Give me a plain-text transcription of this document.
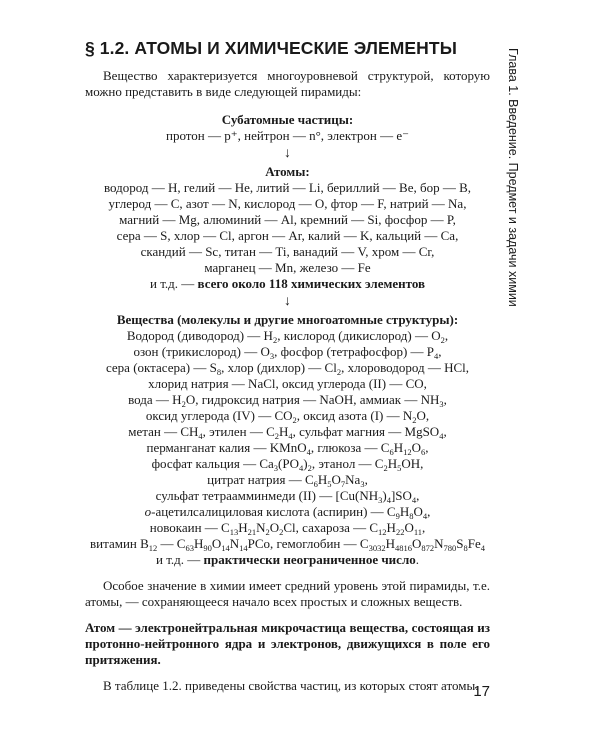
§ 1.2. АТОМЫ И ХИМИЧЕСКИЕ ЭЛЕМЕНТЫ	Глава 1. Введение. Предмет и задачи химии

Вещество характеризуется многоуровневой структурой, которую можно представить в виде следующей пирамиды:

Субатомные частицы:
протон — p⁺, нейтрон — n°, электрон — e⁻
↓
Атомы:
водород — H, гелий — He, литий — Li, бериллий — Be, бор — B,
углерод — C, азот — N, кислород — O, фтор — F, натрий — Na,
магний — Mg, алюминий — Al, кремний — Si, фосфор — P,
сера — S, хлор — Cl, аргон — Ar, калий — K, кальций — Ca,
скандий — Sc, титан — Ti, ванадий — V, хром — Cr,
марганец — Mn, железо — Fe
и т.д. — всего около 118 химических элементов
↓
Вещества (молекулы и другие многоатомные структуры):
Водород (диводород) — $H_2$, кислород (дикислород) — $O_2$,
озон (трикислород) — $O_3$, фосфор (тетрафосфор) — $P_4$,
сера (октасера) — $S_8$, хлор (дихлор) — $Cl_2$, хлороводород — HCl,
хлорид натрия — NaCl, оксид углерода (II) — CO,
вода — $H_2O$, гидроксид натрия — NaOH, аммиак — $NH_3$,
оксид углерода (IV) — $CO_2$, оксид азота (I) — $N_2O$,
метан — $CH_4$, этилен — $C_2H_4$, сульфат магния — MgSO$_4$,
перманганат калия — KMnO$_4$, глюкоза — $C_6H_{12}O_6$,
фосфат кальция — $Ca_3(PO_4)_2$, этанол — $C_2H_5OH$,
цитрат натрия — $C_6H_5O_7Na_3$,
сульфат тетраамминмеди (II) — $[Cu(NH_3)_4]SO_4$,
o-ацетилсалициловая кислота (аспирин) — $C_9H_8O_4$,
новокаин — $C_{13}H_{21}N_2O_2Cl$, сахароза — $C_{12}H_{22}O_{11}$,
витамин $B_{12}$ — $C_{63}H_{90}O_{14}N_{14}PCo$, гемоглобин — $C_{3032}H_{4816}O_{872}N_{780}S_8Fe_4$
и т.д. — практически неограниченное число.

Особое значение в химии имеет средний уровень этой пирамиды, т.е. атомы, — сохраняющееся начало всех простых и сложных веществ.

Атом — электронейтральная микрочастица вещества, состоящая из протонно-нейтронного ядра и электронов, движущихся в поле его притяжения.

В таблице 1.2. приведены свойства частиц, из которых стоят атомы.

17
